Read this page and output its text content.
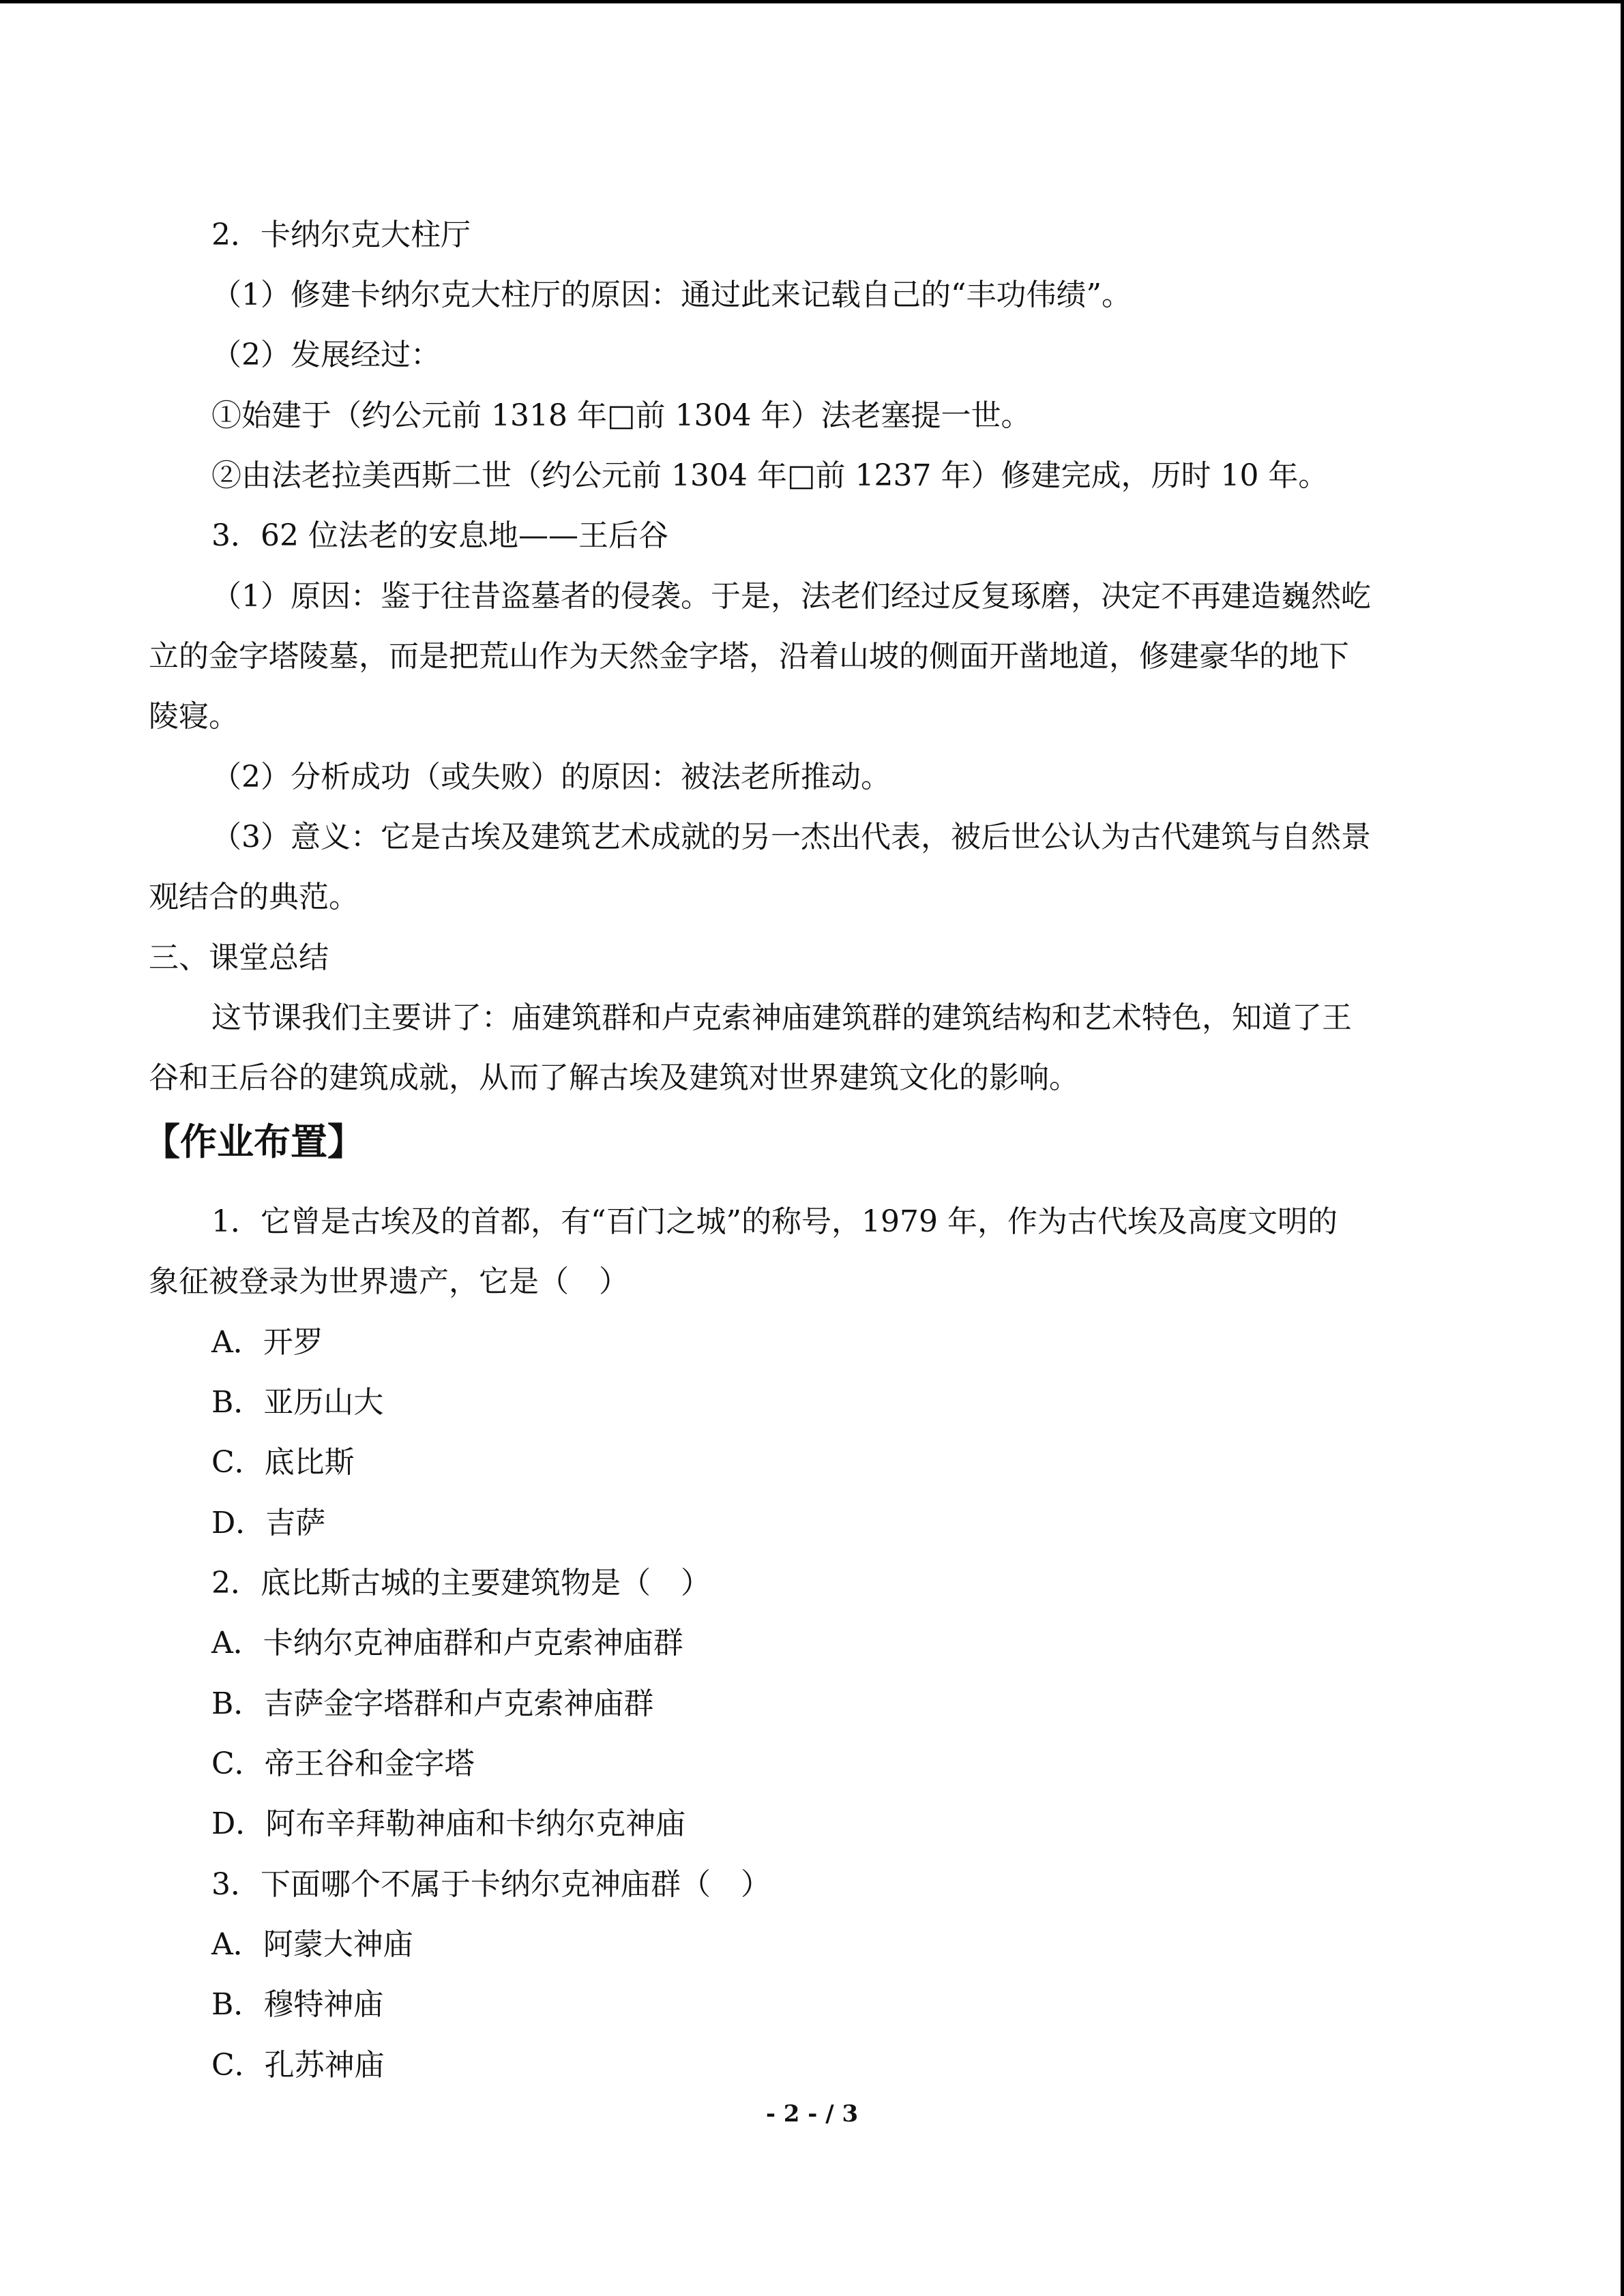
2．卡纳尔克大柱厅
（1）修建卡纳尔克大柱厅的原因：通过此来记载自己的“丰功伟绩”。
（2）发展经过：
①始建于（约公元前 1318 年□前 1304 年）法老塞提一世。
②由法老拉美西斯二世（约公元前 1304 年□前 1237 年）修建完成，历时 10 年。
3．62 位法老的安息地——王后谷
（1）原因：鉴于往昔盗墓者的侵袭。于是，法老们经过反复琢磨，决定不再建造巍然屹
立的金字塔陵墓，而是把荒山作为天然金字塔，沿着山坡的侧面开凿地道，修建豪华的地下
陵寝。
（2）分析成功（或失败）的原因：被法老所推动。
（3）意义：它是古埃及建筑艺术成就的另一杰出代表，被后世公认为古代建筑与自然景
观结合的典范。
三、课堂总结
这节课我们主要讲了：庙建筑群和卢克索神庙建筑群的建筑结构和艺术特色，知道了王
谷和王后谷的建筑成就，从而了解古埃及建筑对世界建筑文化的影响。
【作业布置】
1．它曾是古埃及的首都，有“百门之城”的称号，1979 年，作为古代埃及高度文明的
象征被登录为世界遗产，它是（　）
A．开罗
B．亚历山大
C．底比斯
D．吉萨
2．底比斯古城的主要建筑物是（　）
A．卡纳尔克神庙群和卢克索神庙群
B．吉萨金字塔群和卢克索神庙群
C．帝王谷和金字塔
D．阿布辛拜勒神庙和卡纳尔克神庙
3．下面哪个不属于卡纳尔克神庙群（　）
A．阿蒙大神庙
B．穆特神庙
C．孔苏神庙
- 2 - / 3
